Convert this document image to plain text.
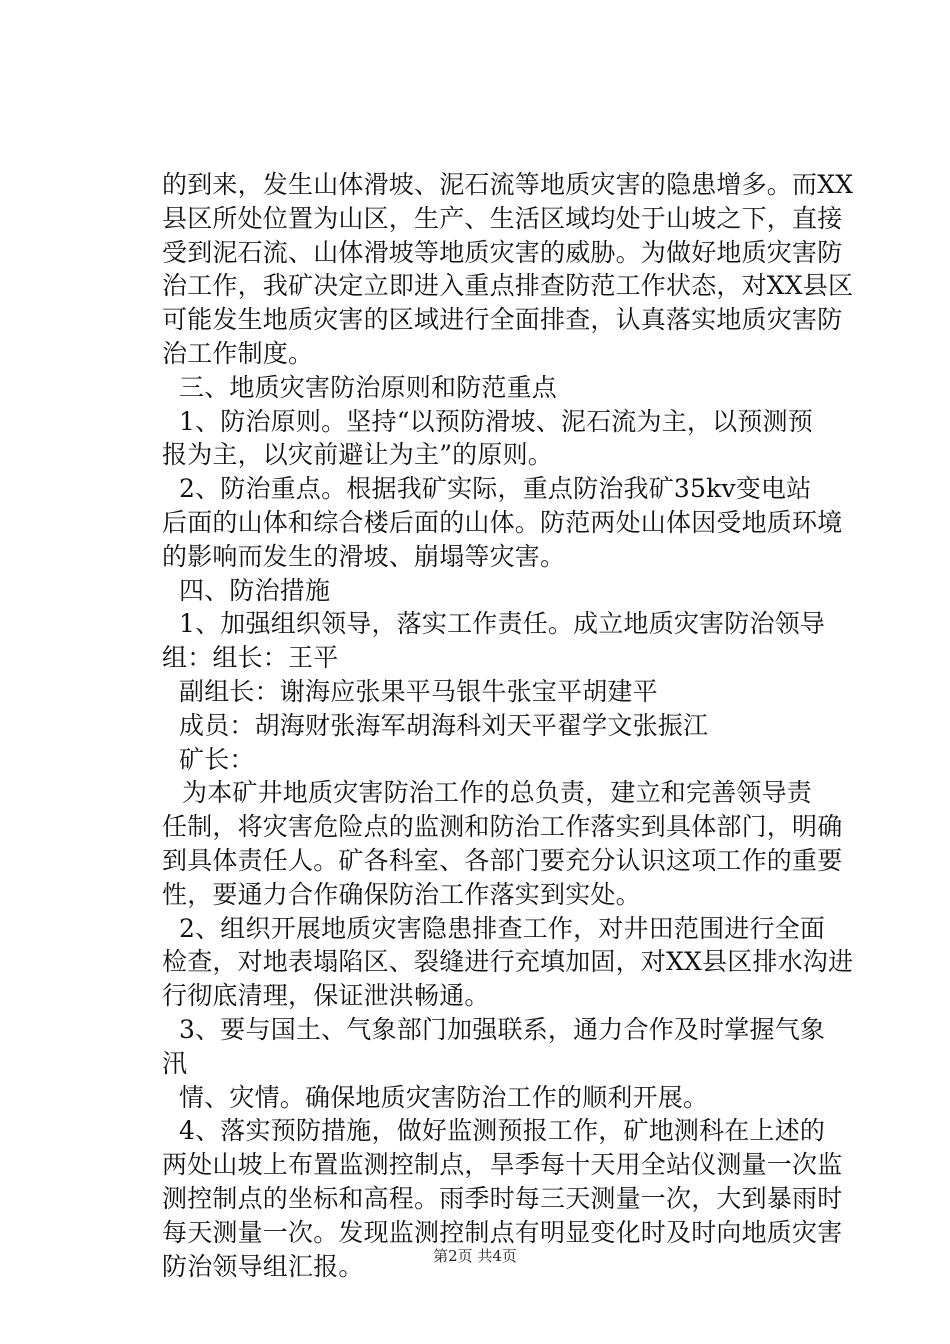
的到来，发生山体滑坡、泥石流等地质灾害的隐患增多。而XX
县区所处位置为山区，生产、生活区域均处于山坡之下，直接
受到泥石流、山体滑坡等地质灾害的威胁。为做好地质灾害防
治工作，我矿决定立即进入重点排查防范工作状态，对XX县区
可能发生地质灾害的区域进行全面排查，认真落实地质灾害防
治工作制度。
三、地质灾害防治原则和防范重点
1、防治原则。坚持“以预防滑坡、泥石流为主，以预测预
报为主，以灾前避让为主”的原则。
2、防治重点。根据我矿实际，重点防治我矿35kv变电站
后面的山体和综合楼后面的山体。防范两处山体因受地质环境
的影响而发生的滑坡、崩塌等灾害。
四、防治措施
1、加强组织领导，落实工作责任。成立地质灾害防治领导
组：组长：王平
副组长：谢海应张果平马银牛张宝平胡建平
成员：胡海财张海军胡海科刘天平翟学文张振江
矿长：
为本矿井地质灾害防治工作的总负责，建立和完善领导责
任制，将灾害危险点的监测和防治工作落实到具体部门，明确
到具体责任人。矿各科室、各部门要充分认识这项工作的重要
性，要通力合作确保防治工作落实到实处。
2、组织开展地质灾害隐患排查工作，对井田范围进行全面
检查，对地表塌陷区、裂缝进行充填加固，对XX县区排水沟进
行彻底清理，保证泄洪畅通。
3、要与国土、气象部门加强联系，通力合作及时掌握气象
汛
情、灾情。确保地质灾害防治工作的顺利开展。
4、落实预防措施，做好监测预报工作，矿地测科在上述的
两处山坡上布置监测控制点，旱季每十天用全站仪测量一次监
测控制点的坐标和高程。雨季时每三天测量一次，大到暴雨时
每天测量一次。发现监测控制点有明显变化时及时向地质灾害
防治领导组汇报。	第2页 共4页
